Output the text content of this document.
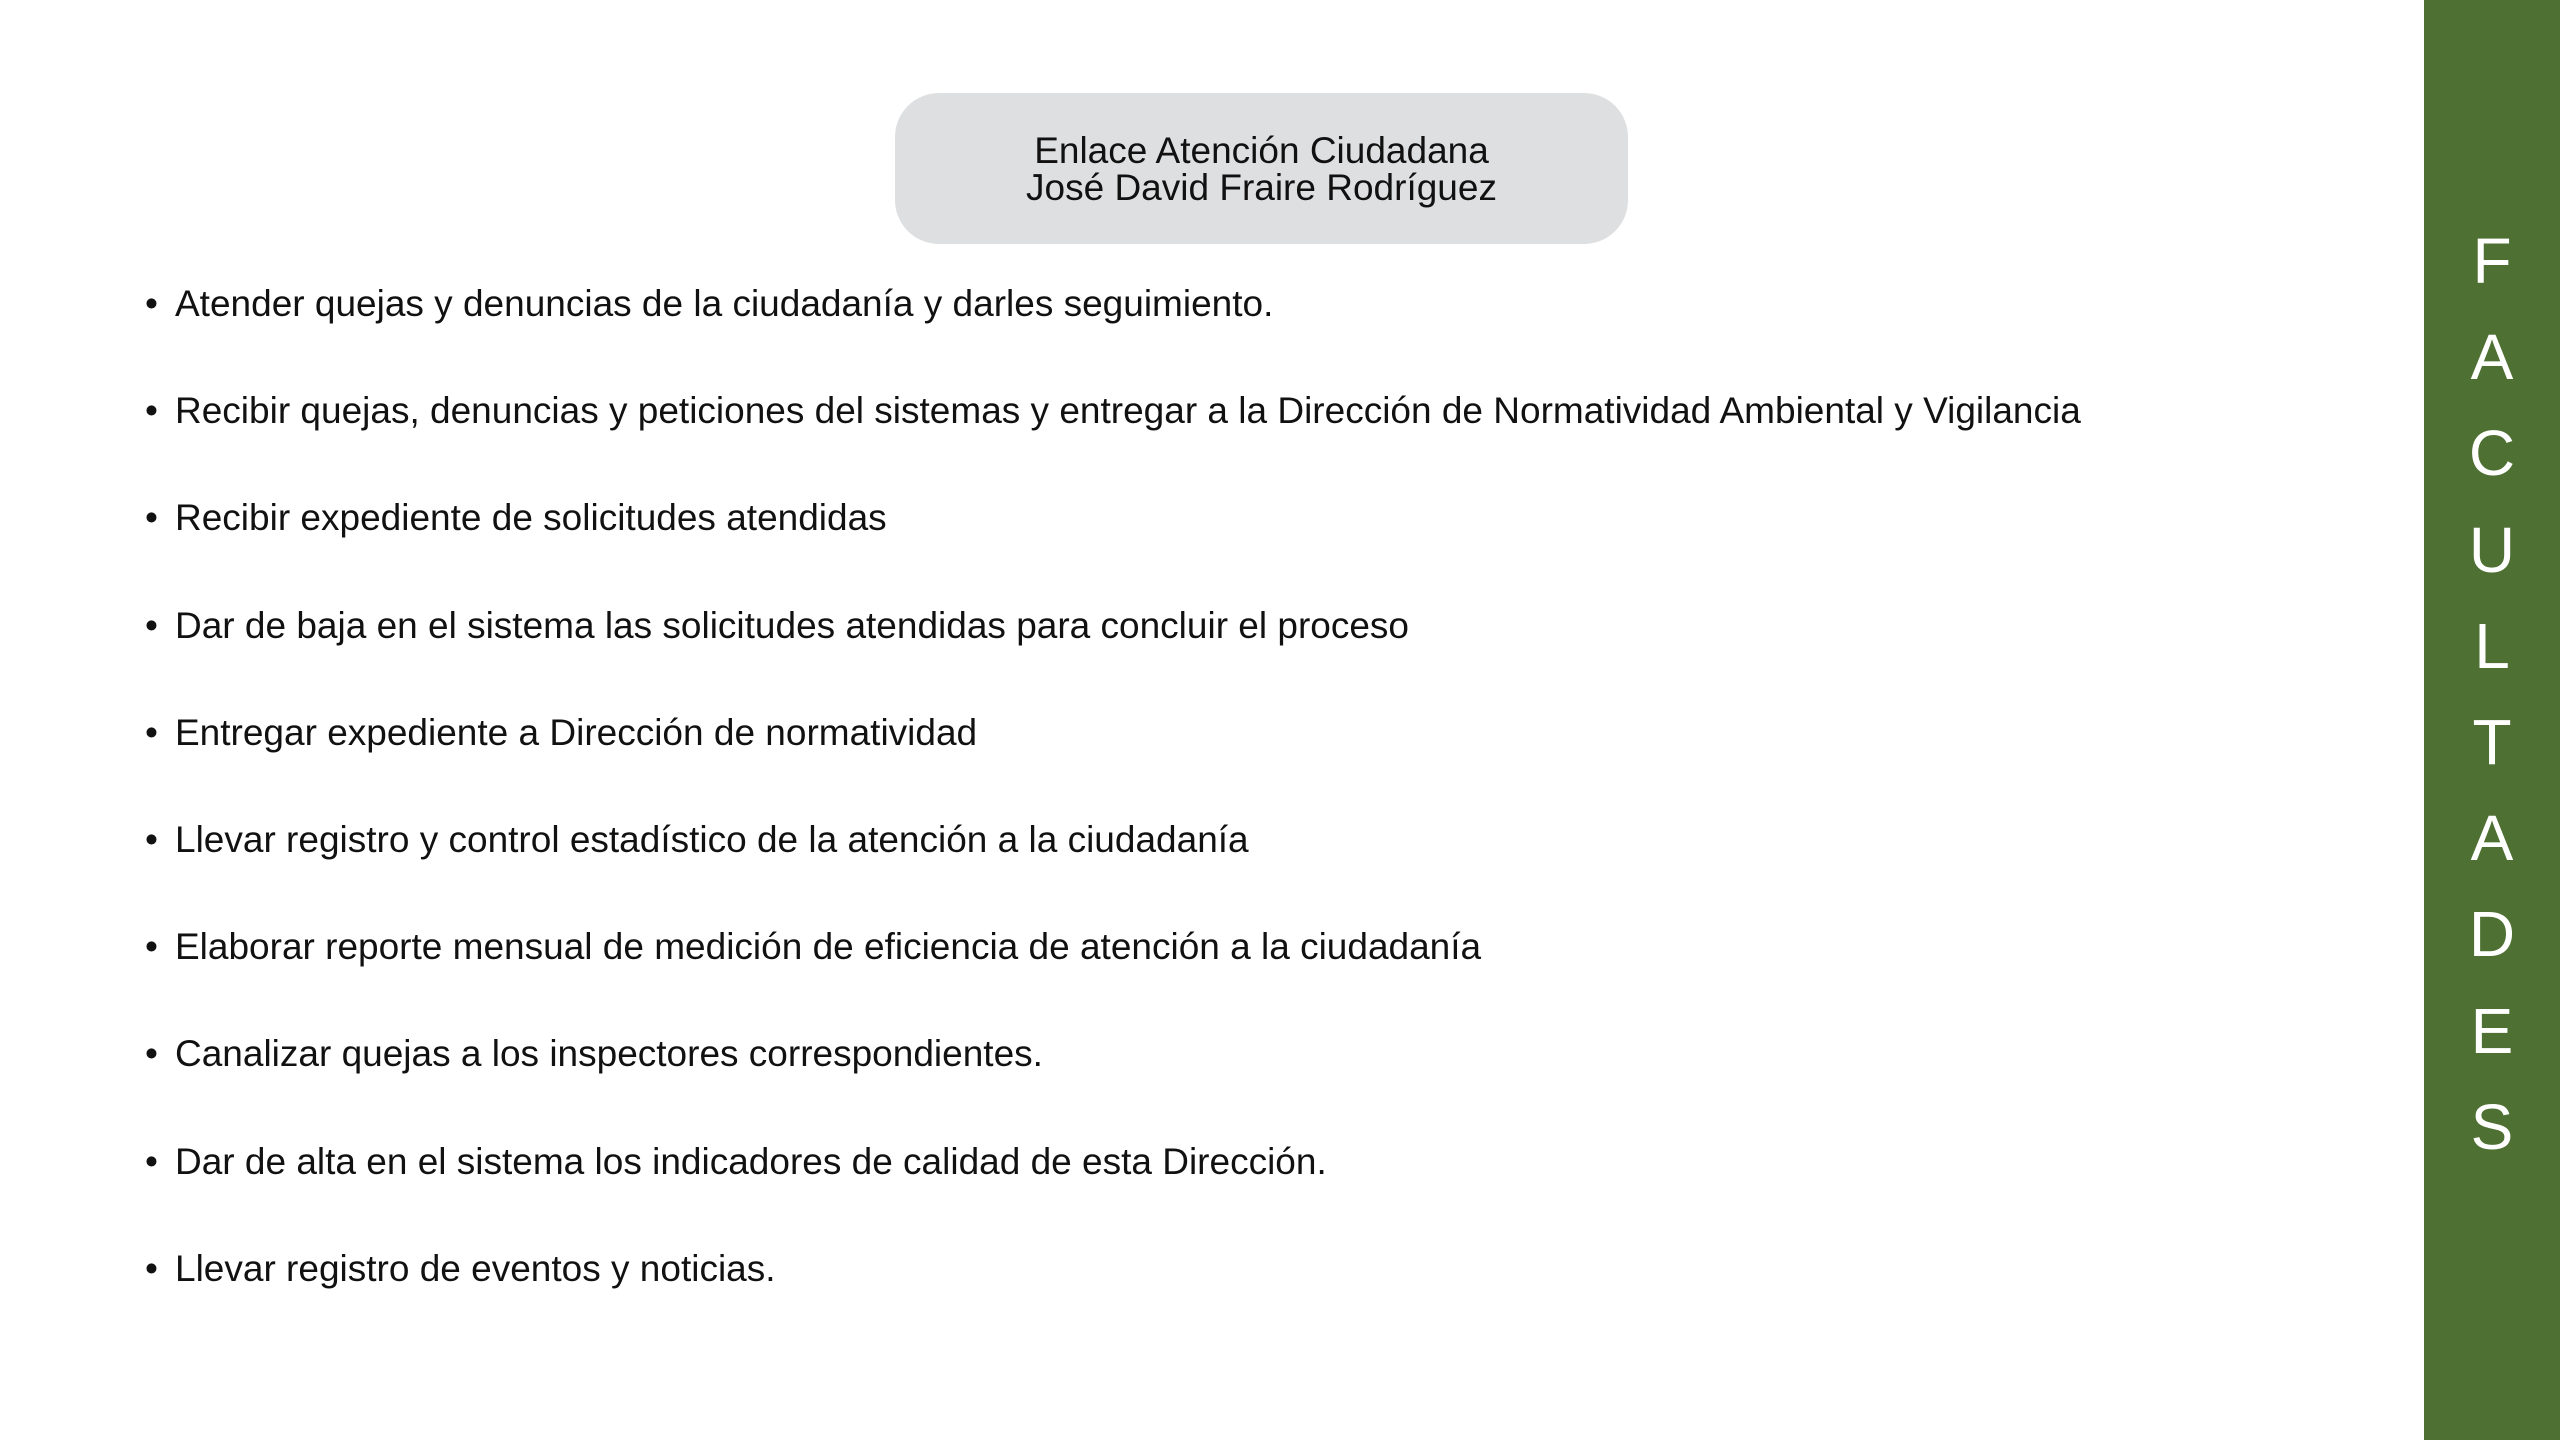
Enlace Atención Ciudadana
José David Fraire Rodríguez
• Atender quejas y denuncias de la ciudadanía y darles seguimiento.
• Recibir quejas, denuncias y peticiones del sistemas y entregar a la Dirección de Normatividad Ambiental y Vigilancia
• Recibir expediente de solicitudes atendidas
• Dar de baja en el sistema las solicitudes atendidas para concluir el proceso
• Entregar expediente a Dirección de normatividad
• Llevar registro y control estadístico de la atención a la ciudadanía
• Elaborar reporte mensual de medición de eficiencia de atención a la ciudadanía
• Canalizar quejas a los inspectores correspondientes.
• Dar de alta en el sistema los indicadores de calidad de esta Dirección.
• Llevar registro de eventos y noticias.
F
A
C
U
L
T
A
D
E
S
